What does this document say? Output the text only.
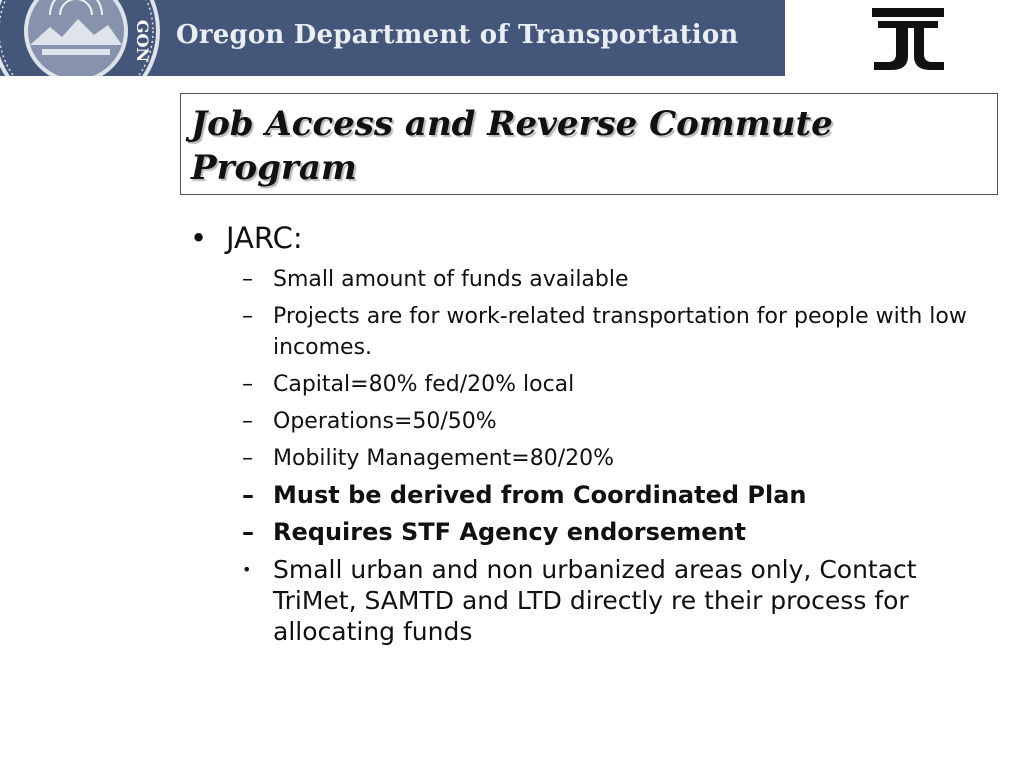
GON Oregon Department of Transportation
Job Access and Reverse Commute
Program
• JARC:
– Small amount of funds available
– Projects are for work-related transportation for people with low incomes.
– Capital=80% fed/20% local
– Operations=50/50%
– Mobility Management=80/20%
– Must be derived from Coordinated Plan
– Requires STF Agency endorsement
• Small urban and non urbanized areas only, Contact TriMet, SAMTD and LTD directly re their process for allocating funds
